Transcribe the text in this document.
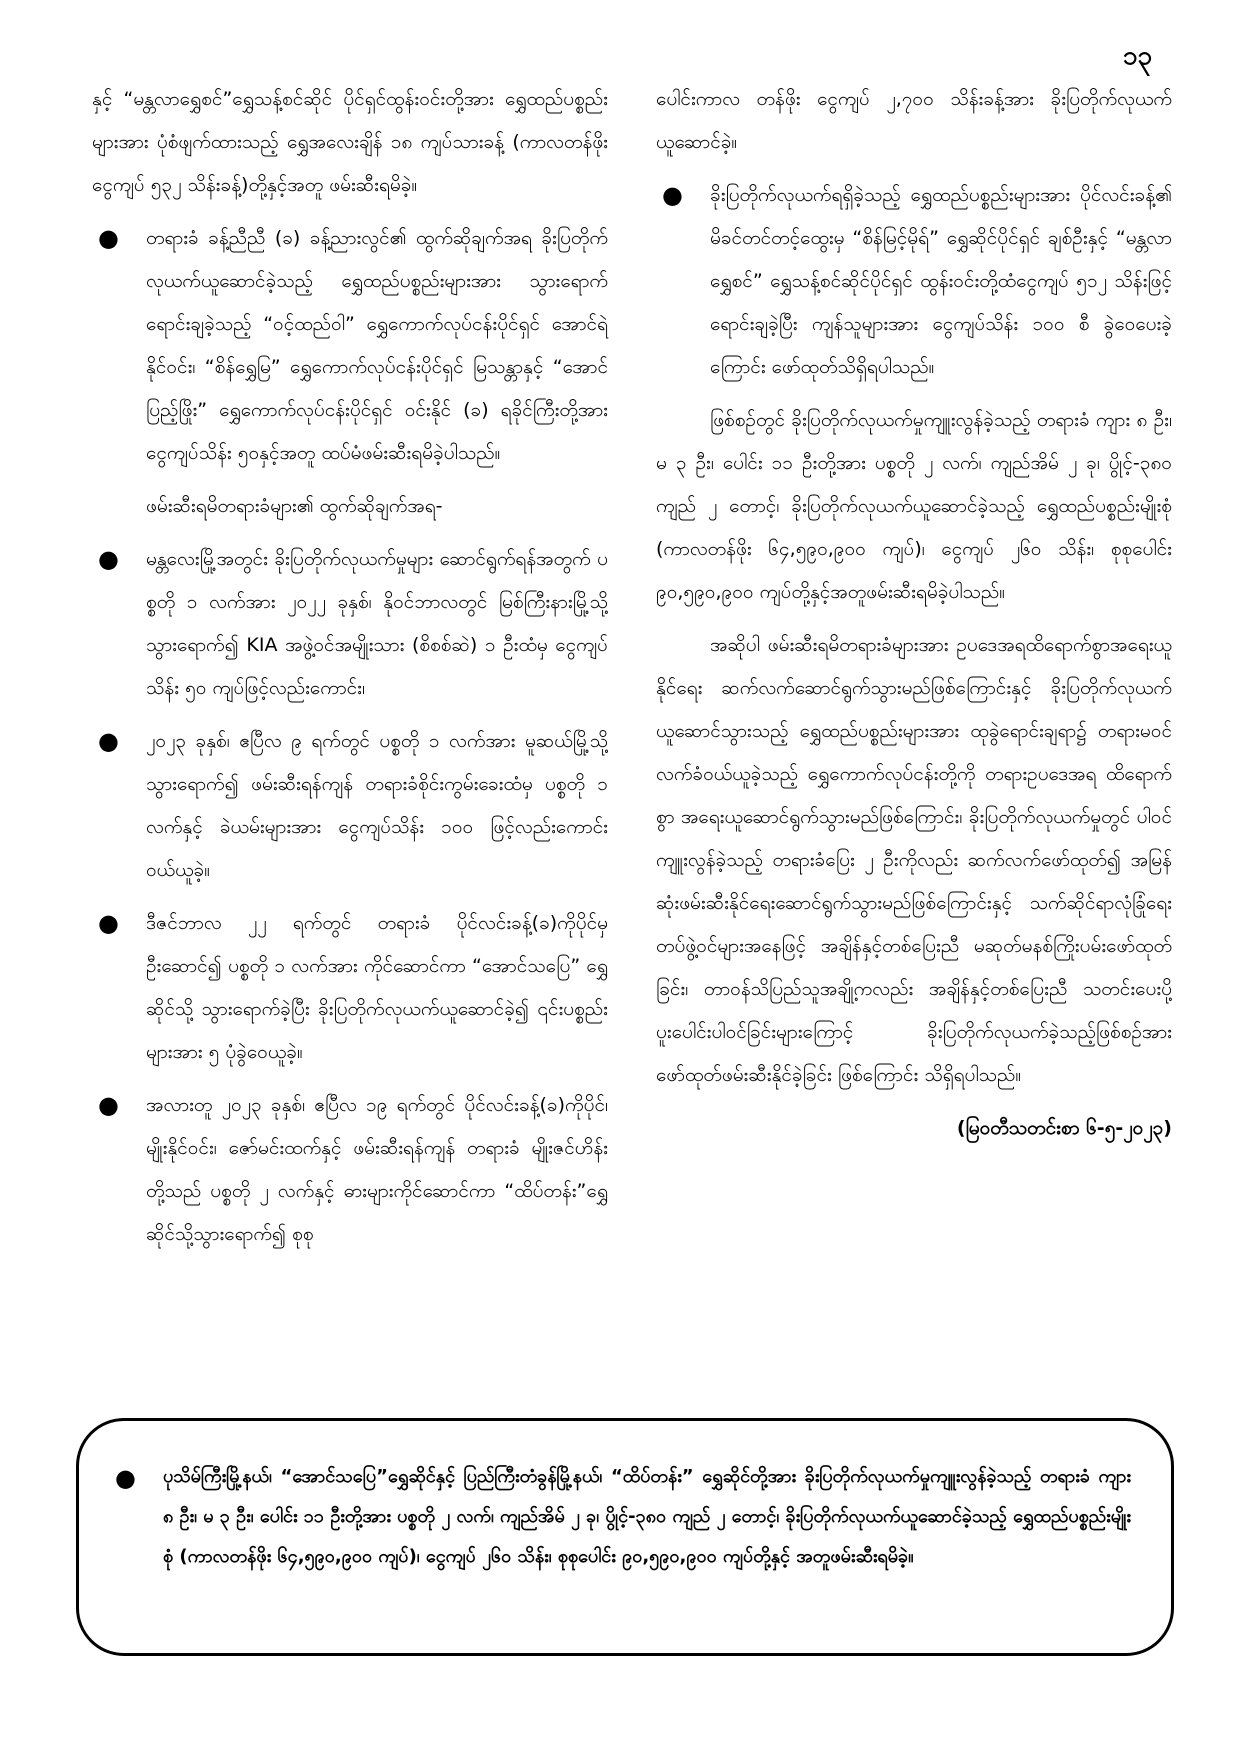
၁၃

နှင့် “မန္တလာရွှေစင်”ရွှေသန့်စင်ဆိုင် ပိုင်ရှင်ထွန်းဝင်းတို့အား ရွှေထည်ပစ္စည်းများအား ပုံစံဖျက်ထားသည့် ရွှေအလေးချိန် ၁၈ ကျပ်သားခန့် (ကာလတန်ဖိုး ငွေကျပ် ၅၃၂ သိန်းခန့်)တို့နှင့်အတူ ဖမ်းဆီးရမိခဲ့။

●	တရားခံ ခန့်ညီညီ (ခ) ခန့်ညားလွင်၏ ထွက်ဆိုချက်အရ ခိုးပြတိုက်လုယက်ယူဆောင်ခဲ့သည့် ရွှေထည်ပစ္စည်းများအား သွားရောက်ရောင်းချခဲ့သည့် “ဝင့်ထည်ဝါ” ရွှေကောက်လုပ်ငန်းပိုင်ရှင် အောင်ရဲနိုင်ဝင်း၊ “စိန်ရွှေမြ” ရွှေကောက်လုပ်ငန်းပိုင်ရှင် မြသန္တာနှင့် “အောင်ပြည့်ဖြိုး” ရွှေကောက်လုပ်ငန်းပိုင်ရှင် ဝင်းနိုင် (ခ) ရခိုင်ကြီးတို့အား ငွေကျပ်သိန်း ၅၀နှင့်အတူ ထပ်မံဖမ်းဆီးရမိခဲ့ပါသည်။

ဖမ်းဆီးရမိတရားခံများ၏ ထွက်ဆိုချက်အရ-

●	မန္တလေးမြို့အတွင်း ခိုးပြတိုက်လုယက်မှုများ ဆောင်ရွက်ရန်အတွက် ပစ္စတို ၁ လက်အား ၂၀၂၂ ခုနှစ်၊ နိုဝင်ဘာလတွင် မြစ်ကြီးနားမြို့သို့သွားရောက်၍ KIA အဖွဲ့ဝင်အမျိုးသား (စိစစ်ဆဲ) ၁ ဦးထံမှ ငွေကျပ်သိန်း ၅၀ ကျပ်ဖြင့်လည်းကောင်း၊

●	၂၀၂၃ ခုနှစ်၊ ဧပြီလ ၉ ရက်တွင် ပစ္စတို ၁ လက်အား မူဆယ်မြို့သို့သွားရောက်၍ ဖမ်းဆီးရန်ကျန် တရားခံစိုင်းကွမ်းခေးထံမှ ပစ္စတို ၁ လက်နှင့် ခဲယမ်းများအား ငွေကျပ်သိန်း ၁၀၀ ဖြင့်လည်းကောင်းဝယ်ယူခဲ့။

●	ဒီဇင်ဘာလ ၂၂ ရက်တွင် တရားခံ ပိုင်လင်းခန့်(ခ)ကိုပိုင်မှ ဦးဆောင်၍ ပစ္စတို ၁ လက်အား ကိုင်ဆောင်ကာ “အောင်သပြေ” ရွှေဆိုင်သို့ သွားရောက်ခဲ့ပြီး ခိုးပြတိုက်လုယက်ယူဆောင်ခဲ့၍ ၎င်းပစ္စည်းများအား ၅ ပုံခွဲဝေယူခဲ့။

●	အလားတူ ၂၀၂၃ ခုနှစ်၊ ဧပြီလ ၁၉ ရက်တွင် ပိုင်လင်းခန့်(ခ)ကိုပိုင်၊ မျိုးနိုင်ဝင်း၊ ဇော်မင်းထက်နှင့် ဖမ်းဆီးရန်ကျန် တရားခံ မျိုးဇင်ဟိန်းတို့သည် ပစ္စတို ၂ လက်နှင့် ဓားများကိုင်ဆောင်ကာ “ထိပ်တန်း”ရွှေဆိုင်သို့သွားရောက်၍ စုစု

ပေါင်းကာလ တန်ဖိုး ငွေကျပ် ၂,၇၀၀ သိန်းခန့်အား ခိုးပြတိုက်လုယက်ယူဆောင်ခဲ့။

●	ခိုးပြတိုက်လုယက်ရရှိခဲ့သည့် ရွှေထည်ပစ္စည်းများအား ပိုင်လင်းခန့်၏ မိခင်တင်တင့်ထွေးမှ “စိန်မြင့်မိုရ်” ရွှေဆိုင်ပိုင်ရှင် ချစ်ဦးနှင့် “မန္တလာရွှေစင်” ရွှေသန့်စင်ဆိုင်ပိုင်ရှင် ထွန်းဝင်းတို့ထံငွေကျပ် ၅၁၂ သိန်းဖြင့် ရောင်းချခဲ့ပြီး ကျန်သူများအား ငွေကျပ်သိန်း ၁၀၀ စီ ခွဲဝေပေးခဲ့ကြောင်း ဖော်ထုတ်သိရှိရပါသည်။

ဖြစ်စဉ်တွင် ခိုးပြတိုက်လုယက်မှုကျူးလွန်ခဲ့သည့် တရားခံ ကျား ၈ ဦး၊ မ ၃ ဦး၊ ပေါင်း ၁၁ ဦးတို့အား ပစ္စတို ၂ လက်၊ ကျည်အိမ် ၂ ခု၊ ပွိုင့်-၃၈၀ ကျည် ၂ တောင့်၊ ခိုးပြတိုက်လုယက်ယူဆောင်ခဲ့သည့် ရွှေထည်ပစ္စည်းမျိုးစုံ (ကာလတန်ဖိုး ၆၄,၅၉၀,၉၀၀ ကျပ်)၊ ငွေကျပ် ၂၆၀ သိန်း၊ စုစုပေါင်း ၉၀,၅၉၀,၉၀၀ ကျပ်တို့နှင့်အတူဖမ်းဆီးရမိခဲ့ပါသည်။

အဆိုပါ ဖမ်းဆီးရမိတရားခံများအား ဥပဒေအရထိရောက်စွာအရေးယူနိုင်ရေး ဆက်လက်ဆောင်ရွက်သွားမည်ဖြစ်ကြောင်းနှင့် ခိုးပြတိုက်လုယက်ယူဆောင်သွားသည့် ရွှေထည်ပစ္စည်းများအား ထုခွဲရောင်းချရာ၌ တရားမဝင်လက်ခံဝယ်ယူခဲ့သည့် ရွှေကောက်လုပ်ငန်းတို့ကို တရားဥပဒေအရ ထိရောက်စွာ အရေးယူဆောင်ရွက်သွားမည်ဖြစ်ကြောင်း၊ ခိုးပြတိုက်လုယက်မှုတွင် ပါဝင်ကျူးလွန်ခဲ့သည့် တရားခံပြေး ၂ ဦးကိုလည်း ဆက်လက်ဖော်ထုတ်၍ အမြန်ဆုံးဖမ်းဆီးနိုင်ရေးဆောင်ရွက်သွားမည်ဖြစ်ကြောင်းနှင့် သက်ဆိုင်ရာလုံခြုံရေးတပ်ဖွဲ့ဝင်များအနေဖြင့် အချိန်နှင့်တစ်ပြေးညီ မဆုတ်မနစ်ကြိုးပမ်းဖော်ထုတ်ခြင်း၊ တာဝန်သိပြည်သူအချို့ကလည်း အချိန်နှင့်တစ်ပြေးညီ သတင်းပေးပို့ပူးပေါင်းပါဝင်ခြင်းများကြောင့် ခိုးပြတိုက်လုယက်ခဲ့သည့်ဖြစ်စဉ်အား ဖော်ထုတ်ဖမ်းဆီးနိုင်ခဲ့ခြင်း ဖြစ်ကြောင်း သိရှိရပါသည်။

(မြဝတီသတင်းစာ ၆-၅-၂၀၂၃)
●	ပုသိမ်ကြီးမြို့နယ်၊ “အောင်သပြေ”ရွှေဆိုင်နှင့် ပြည်ကြီးတံခွန်မြို့နယ်၊ “ထိပ်တန်း” ရွှေဆိုင်တို့အား ခိုးပြတိုက်လုယက်မှုကျူးလွန်ခဲ့သည့် တရားခံ ကျား ၈ ဦး၊ မ ၃ ဦး၊ ပေါင်း ၁၁ ဦးတို့အား ပစ္စတို ၂ လက်၊ ကျည်အိမ် ၂ ခု၊ ပွိုင့်-၃၈၀ ကျည် ၂ တောင့်၊ ခိုးပြတိုက်လုယက်ယူဆောင်ခဲ့သည့် ရွှေထည်ပစ္စည်းမျိုးစုံ (ကာလတန်ဖိုး ၆၄,၅၉၀,၉၀၀ ကျပ်)၊ ငွေကျပ် ၂၆၀ သိန်း၊ စုစုပေါင်း ၉၀,၅၉၀,၉၀၀ ကျပ်တို့နှင့် အတူဖမ်းဆီးရမိခဲ့။
